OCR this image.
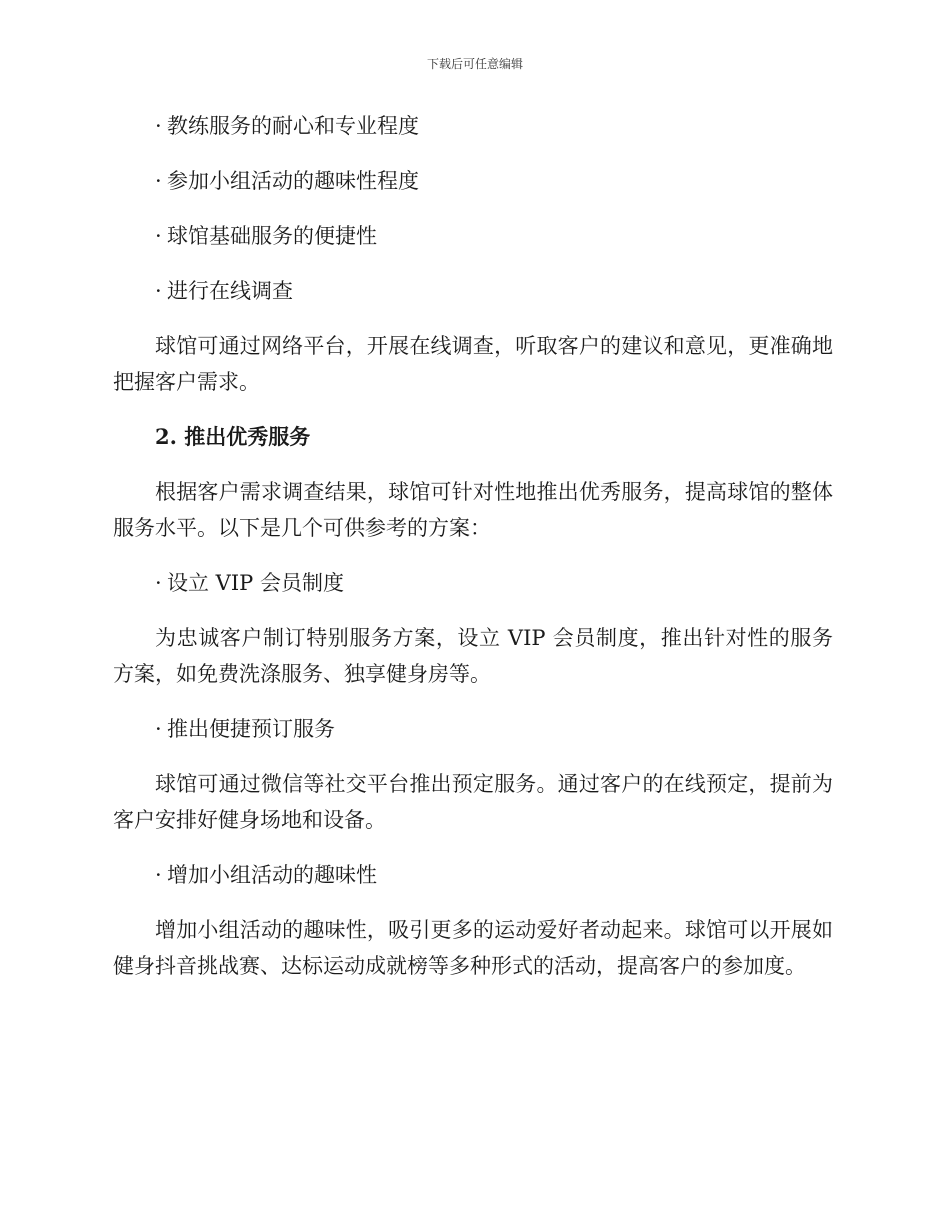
下载后可任意编辑

· 教练服务的耐心和专业程度

· 参加小组活动的趣味性程度

· 球馆基础服务的便捷性

· 进行在线调查

球馆可通过网络平台，开展在线调查，听取客户的建议和意见，更准确地把握客户需求。

2. 推出优秀服务

根据客户需求调查结果，球馆可针对性地推出优秀服务，提高球馆的整体服务水平。以下是几个可供参考的方案：

· 设立 VIP 会员制度

为忠诚客户制订特别服务方案，设立 VIP 会员制度，推出针对性的服务方案，如免费洗涤服务、独享健身房等。

· 推出便捷预订服务

球馆可通过微信等社交平台推出预定服务。通过客户的在线预定，提前为客户安排好健身场地和设备。

· 增加小组活动的趣味性

增加小组活动的趣味性，吸引更多的运动爱好者动起来。球馆可以开展如健身抖音挑战赛、达标运动成就榜等多种形式的活动，提高客户的参加度。
